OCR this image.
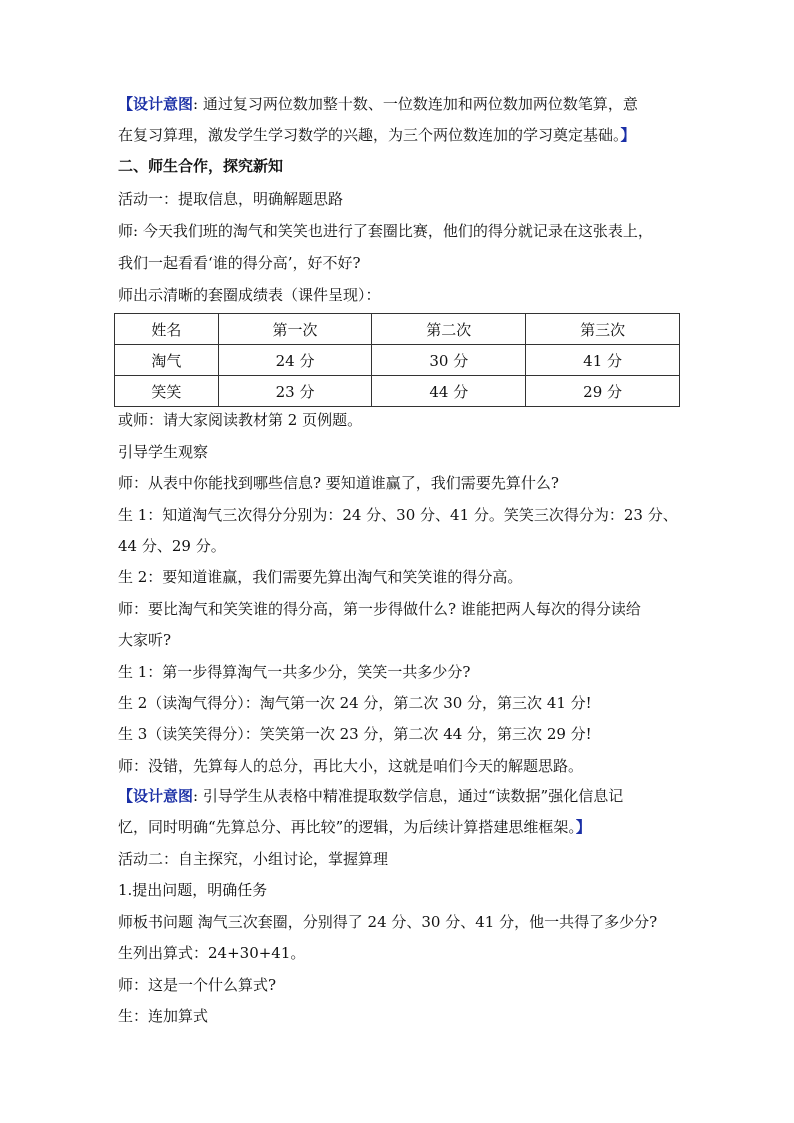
【设计意图: 通过复习两位数加整十数、一位数连加和两位数加两位数笔算，意
在复习算理，激发学生学习数学的兴趣，为三个两位数连加的学习奠定基础。】
二、师生合作，探究新知
活动一：提取信息，明确解题思路
师: 今天我们班的淘气和笑笑也进行了套圈比赛，他们的得分就记录在这张表上，
我们一起看看‘谁的得分高’，好不好?
师出示清晰的套圈成绩表（课件呈现）：
姓名	第一次	第二次	第三次
淘气	24 分	30 分	41 分
笑笑	23 分	44 分	29 分
或师：请大家阅读教材第 2 页例题。
引导学生观察
师：从表中你能找到哪些信息? 要知道谁赢了，我们需要先算什么?
生 1：知道淘气三次得分分别为：24 分、30 分、41 分。笑笑三次得分为：23 分、
44 分、29 分。
生 2：要知道谁赢，我们需要先算出淘气和笑笑谁的得分高。
师：要比淘气和笑笑谁的得分高，第一步得做什么? 谁能把两人每次的得分读给
大家听?
生 1：第一步得算淘气一共多少分，笑笑一共多少分?
生 2（读淘气得分）：淘气第一次 24 分，第二次 30 分，第三次 41 分!
生 3（读笑笑得分）：笑笑第一次 23 分，第二次 44 分，第三次 29 分!
师：没错，先算每人的总分，再比大小，这就是咱们今天的解题思路。
【设计意图: 引导学生从表格中精准提取数学信息，通过“读数据”强化信息记
忆，同时明确“先算总分、再比较”的逻辑，为后续计算搭建思维框架。】
活动二：自主探究，小组讨论，掌握算理
1.提出问题，明确任务
师板书问题 淘气三次套圈，分别得了 24 分、30 分、41 分，他一共得了多少分?
生列出算式：24+30+41。
师：这是一个什么算式?
生：连加算式
